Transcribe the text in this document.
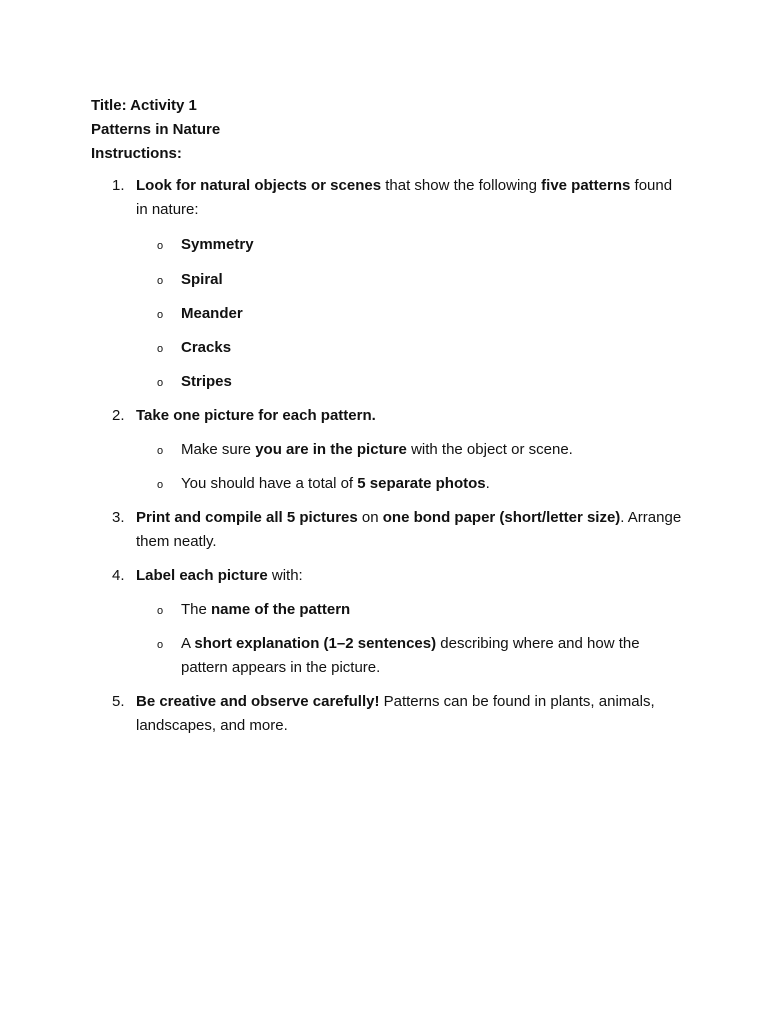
Title: Activity 1
Patterns in Nature
Instructions:
1. Look for natural objects or scenes that show the following five patterns found in nature:
o Symmetry
o Spiral
o Meander
o Cracks
o Stripes
2. Take one picture for each pattern.
o Make sure you are in the picture with the object or scene.
o You should have a total of 5 separate photos.
3. Print and compile all 5 pictures on one bond paper (short/letter size). Arrange them neatly.
4. Label each picture with:
o The name of the pattern
o A short explanation (1–2 sentences) describing where and how the pattern appears in the picture.
5. Be creative and observe carefully! Patterns can be found in plants, animals, landscapes, and more.
